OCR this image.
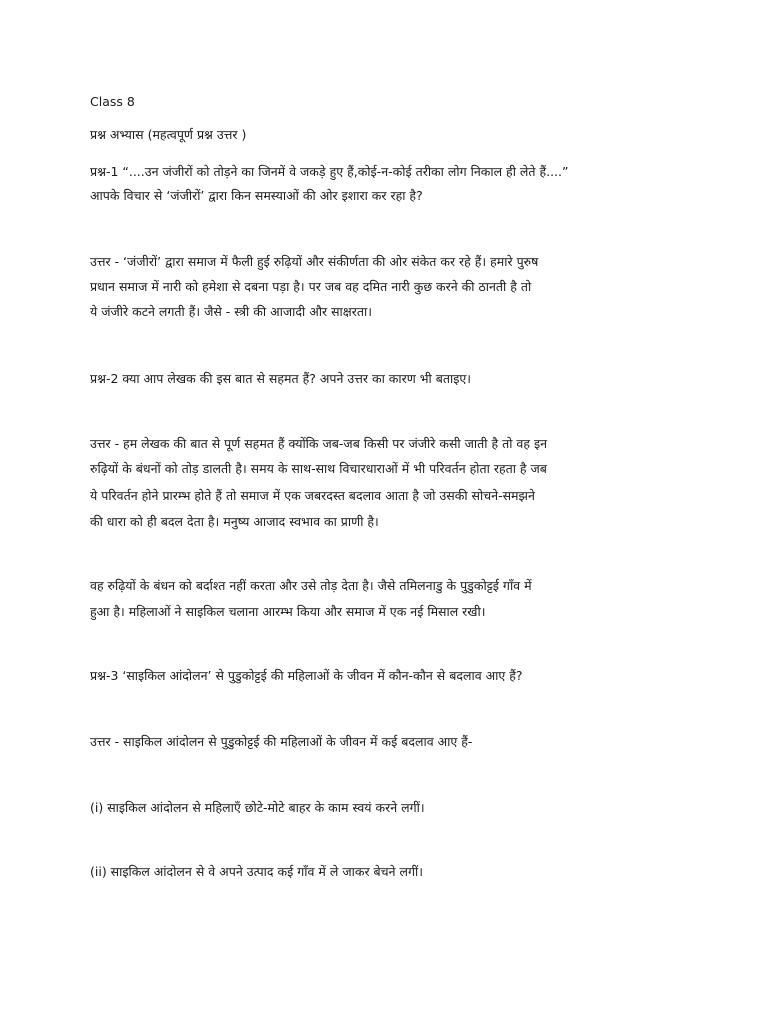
Class 8
प्रश्न अभ्यास (महत्वपूर्ण प्रश्न उत्तर )
प्रश्न-1 “....उन जंजीरों को तोड़ने का जिनमें वे जकड़े हुए हैं,कोई-न-कोई तरीका लोग निकाल ही लेते हैं....”
आपके विचार से ‘जंजीरों’ द्वारा किन समस्याओं की ओर इशारा कर रहा है?
उत्तर - ‘जंजीरों’ द्वारा समाज में फैली हुई रुढ़ियों और संकीर्णता की ओर संकेत कर रहे हैं। हमारे पुरुष
प्रधान समाज में नारी को हमेशा से दबना पड़ा है। पर जब वह दमित नारी कुछ करने की ठानती है तो
ये जंजीरे कटने लगती हैं। जैसे - स्त्री की आजादी और साक्षरता।
प्रश्न-2 क्या आप लेखक की इस बात से सहमत हैं? अपने उत्तर का कारण भी बताइए।
उत्तर - हम लेखक की बात से पूर्ण सहमत हैं क्योंकि जब-जब किसी पर जंजीरे कसी जाती है तो वह इन
रुढ़ियों के बंधनों को तोड़ डालती है। समय के साथ-साथ विचारधाराओं में भी परिवर्तन होता रहता है जब
ये परिवर्तन होने प्रारम्भ होते हैं तो समाज में एक जबरदस्त बदलाव आता है जो उसकी सोचने-समझने
की धारा को ही बदल देता है। मनुष्य आजाद स्वभाव का प्राणी है।
वह रुढ़ियों के बंधन को बर्दाश्त नहीं करता और उसे तोड़ देता है। जैसे तमिलनाडु के पुडुकोट्टई गाँव में
हुआ है। महिलाओं ने साइकिल चलाना आरम्भ किया और समाज में एक नई मिसाल रखी।
प्रश्न-3 ‘साइकिल आंदोलन’ से पुडुकोट्टई की महिलाओं के जीवन में कौन-कौन से बदलाव आए हैं?
उत्तर - साइकिल आंदोलन से पुडुकोट्टई की महिलाओं के जीवन में कई बदलाव आए हैं-
(i) साइकिल आंदोलन से महिलाएँ छोटे-मोटे बाहर के काम स्वयं करने लगीं।
(ii) साइकिल आंदोलन से वे अपने उत्पाद कई गाँव में ले जाकर बेचने लगीं।
